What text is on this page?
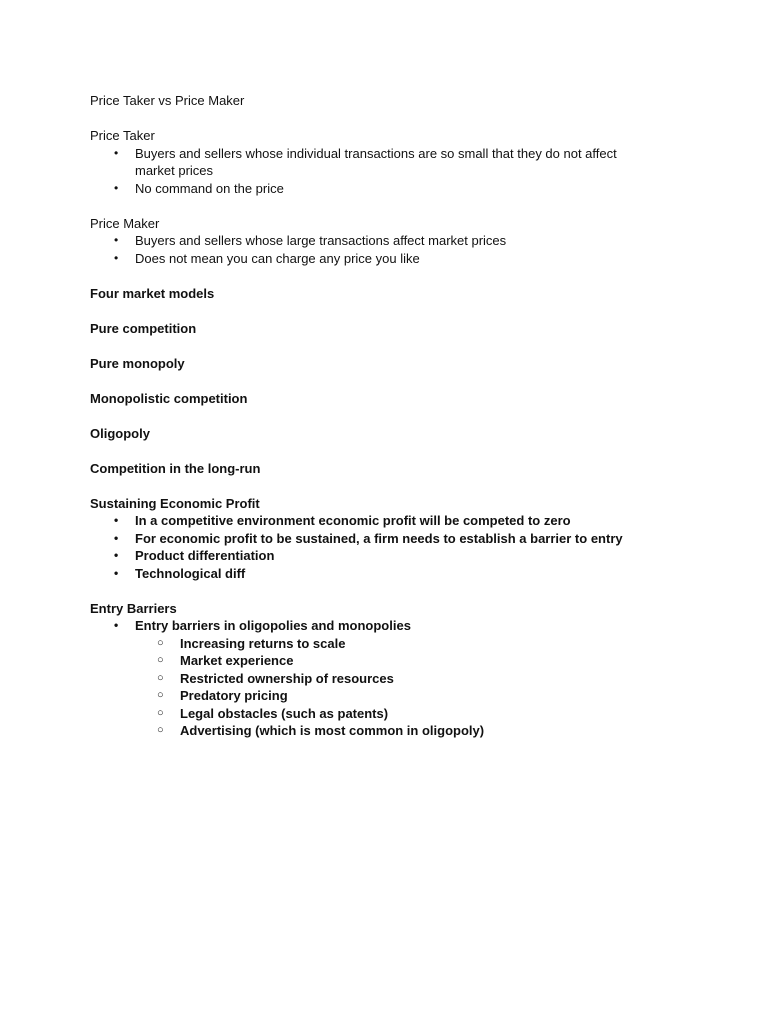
Price Taker vs Price Maker

Price Taker

• Buyers and sellers whose individual transactions are so small that they do not affect market prices
• No command on the price

Price Maker

• Buyers and sellers whose large transactions affect market prices
• Does not mean you can charge any price you like

Four market models

Pure competition

Pure monopoly

Monopolistic competition

Oligopoly

Competition in the long-run

Sustaining Economic Profit

• In a competitive environment economic profit will be competed to zero
• For economic profit to be sustained, a firm needs to establish a barrier to entry
• Product differentiation
• Technological diff

Entry Barriers

• Entry barriers in oligopolies and monopolies
○ Increasing returns to scale
○ Market experience
○ Restricted ownership of resources
○ Predatory pricing
○ Legal obstacles (such as patents)
○ Advertising (which is most common in oligopoly)
